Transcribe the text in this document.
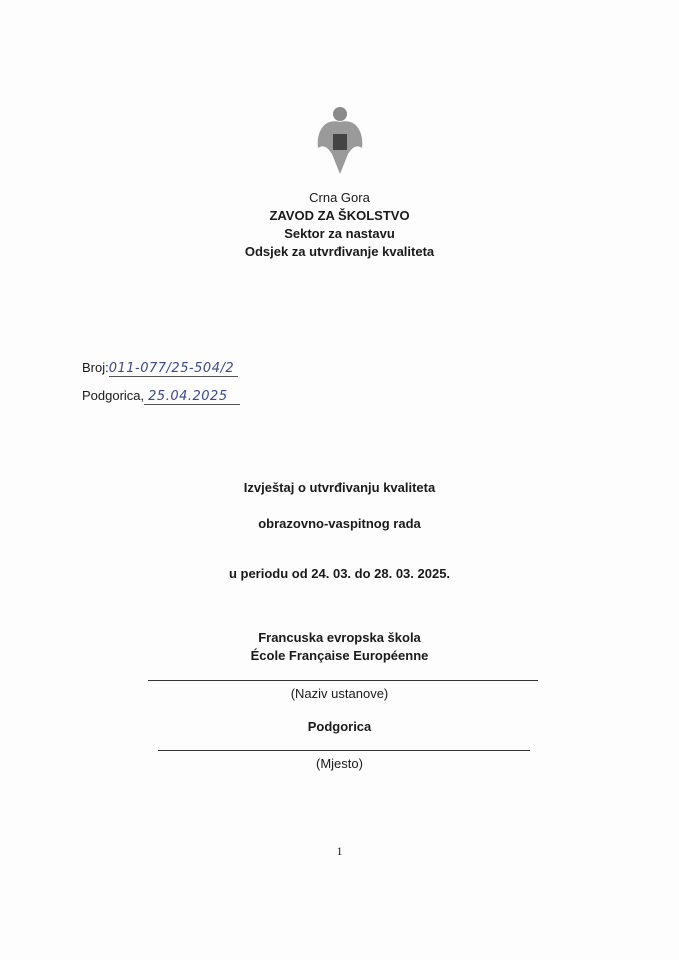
Crna Gora
ZAVOD ZA ŠKOLSTVO
Sektor za nastavu
Odsjek za utvrđivanje kvaliteta
Broj:011-077/25-504/2
Podgorica, 25.04.2025
Izvještaj o utvrđivanju kvaliteta
obrazovno-vaspitnog rada
u periodu od 24. 03. do 28. 03. 2025.
Francuska evropska škola
École Française Européenne
(Naziv ustanove)
Podgorica
(Mjesto)
1
